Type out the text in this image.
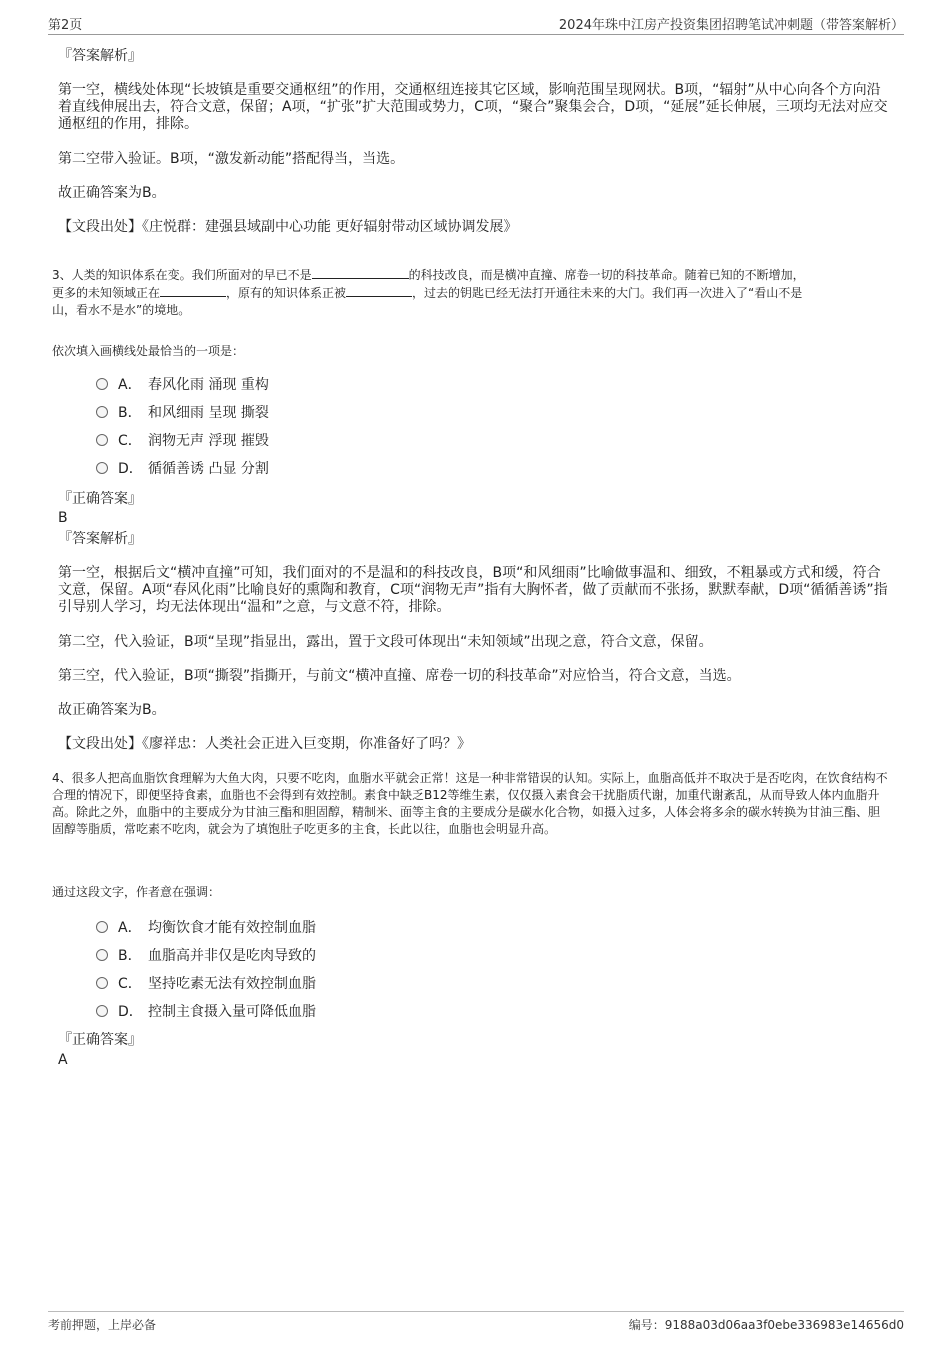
第2页	2024年珠中江房产投资集团招聘笔试冲刺题（带答案解析）
『答案解析』
第一空，横线处体现“长坡镇是重要交通枢纽”的作用，交通枢纽连接其它区域，影响范围呈现网状。B项，“辐射”从中心向各个方向沿着直线伸展出去，符合文意，保留；A项，“扩张”扩大范围或势力，C项，“聚合”聚集会合，D项，“延展”延长伸展，三项均无法对应交通枢纽的作用，排除。
第二空带入验证。B项，“激发新动能”搭配得当，当选。
故正确答案为B。
【文段出处】《庄悦群：建强县域副中心功能 更好辐射带动区域协调发展》
3、人类的知识体系在变。我们所面对的早已不是	的科技改良，而是横冲直撞、席卷一切的科技革命。随着已知的不断增加，
更多的未知领域正在	，原有的知识体系正被	，过去的钥匙已经无法打开通往未来的大门。我们再一次进入了“看山不是
山，看水不是水”的境地。
依次填入画横线处最恰当的一项是：
A． 春风化雨 涌现 重构
B． 和风细雨 呈现 撕裂
C． 润物无声 浮现 摧毁
D． 循循善诱 凸显 分割
『正确答案』
B
『答案解析』
第一空，根据后文“横冲直撞”可知，我们面对的不是温和的科技改良，B项“和风细雨”比喻做事温和、细致，不粗暴或方式和缓，符合文意，保留。A项“春风化雨”比喻良好的熏陶和教育，C项“润物无声”指有大胸怀者，做了贡献而不张扬，默默奉献，D项“循循善诱”指引导别人学习，均无法体现出“温和”之意，与文意不符，排除。
第二空，代入验证，B项“呈现”指显出，露出，置于文段可体现出“未知领域”出现之意，符合文意，保留。
第三空，代入验证，B项“撕裂”指撕开，与前文“横冲直撞、席卷一切的科技革命”对应恰当，符合文意，当选。
故正确答案为B。
【文段出处】《廖祥忠：人类社会正进入巨变期，你准备好了吗？》
4、很多人把高血脂饮食理解为大鱼大肉，只要不吃肉，血脂水平就会正常！这是一种非常错误的认知。实际上，血脂高低并不取决于是否吃肉，在饮食结构不合理的情况下，即便坚持食素，血脂也不会得到有效控制。素食中缺乏B12等维生素，仅仅摄入素食会干扰脂质代谢，加重代谢紊乱，从而导致人体内血脂升高。除此之外，血脂中的主要成分为甘油三酯和胆固醇，精制米、面等主食的主要成分是碳水化合物，如摄入过多，人体会将多余的碳水转换为甘油三酯、胆固醇等脂质，常吃素不吃肉，就会为了填饱肚子吃更多的主食，长此以往，血脂也会明显升高。
通过这段文字，作者意在强调：
A． 均衡饮食才能有效控制血脂
B． 血脂高并非仅是吃肉导致的
C． 坚持吃素无法有效控制血脂
D． 控制主食摄入量可降低血脂
『正确答案』
A
考前押题，上岸必备	编号：9188a03d06aa3f0ebe336983e14656d0
